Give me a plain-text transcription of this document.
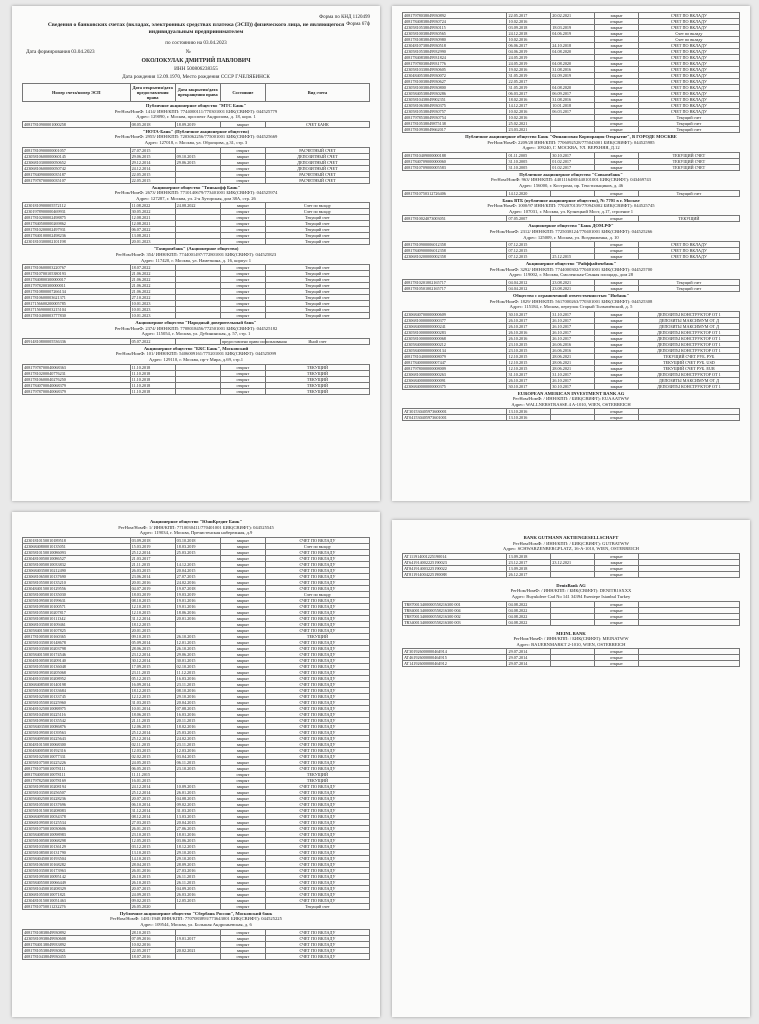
Форма по КНД 1120499
Форма 67ф
Сведения о банковских счетах (вкладах, электронных средствах платежа (ЭСП)) физического лица, не являющегося индивидуальным предпринимателем
по состоянию на 03.04.2023
Дата формирования 03.04.2023	№
ОКОЛОКУЛАК ДМИТРИЙ ПАВЛОВИЧ
ИНН 500806238355
Дата рождения 12.09.1970, Место рождения СССР Г.ЧЕЛЯБИНСК
Номер счета/номер ЭСП	Дата открытия/дата предоставления права	Дата закрытия/дата прекращения права	Состояние	Вид счета
Публичное акционерное общество "МТС Банк"
РегНом/НомФ: 1414/ ИНН/КПП: 7744000111/770301001 БИК(СВИФТ): 044525779
Адрес: 129090, г. Москва, проспект Андропова, д. 18, корп. 1
40817810900001000258	08.05.2018	18.09.2019	закрыт	СЧЕТ БАНК
"НОТА-Банк" (Публичное акционерное общество)
РегНом/НомФ: 2955/ ИНН/КПП: 7203062256/775001001 БИК(СВИФТ): 044525669
Адрес: 127018, г. Москва, ул. Образцова, д.31, стр. 3
40817810900000001057	27.07.2015		открыт	РАСЧЕТНЫЙ СЧЕТ
42305810600000060145	29.06.2015	09.10.2015	закрыт	ДЕПОЗИТНЫЙ СЧЕТ
42306810300000050652	29.12.2014	29.06.2015	закрыт	ДЕПОЗИТНЫЙ СЧЕТ
42306810600000050742	24.12.2014		открыт	ДЕПОЗИТНЫЙ СЧЕТ
40817840900000035187	22.05.2015		открыт	РАСЧЕТНЫЙ СЧЕТ
40817978700000035107	22.05.2015		открыт	РАСЧЕТНЫЙ СЧЕТ
Акционерное общество "Тинькофф Банк"
РегНом/НомФ: 2673/ ИНН/КПП: 7710140679/773401001 БИК(СВИФТ): 044525974
Адрес: 127287, г. Москва, ул. 2-я Хуторская, дом 38А, стр. 26
42301810900005572112	11.08.2022	24.08.2022	закрыт	Счет по вкладу
42301978900000469931	30.05.2022		открыт	Счет по вкладу
40817810200002498875	12.08.2021		открыт	Текущий счет
40817840500000269862	12.08.2021		открыт	Текущий счет
40817810200002497931	06.07.2022		открыт	Текущий счет
40817840100002498236	13.08.2021		открыт	Текущий счет
42301810300002101198	20.01.2023		открыт	Текущий счет
"Газпромбанк" (Акционерное общество)
РегНом/НомФ: 354/ ИНН/КПП: 7744001497/772801001 БИК(СВИФТ): 044525823
Адрес: 117420, г. Москва, ул. Наметкина, д. 16, корпус 1
40817810600003220767	18.07.2022		открыт	Текущий счет
40817810700105380193	21.06.2022		открыт	Текущий счет
40817840800300000017	21.06.2022		открыт	Текущий счет
40817978200300000011	21.06.2022		открыт	Текущий счет
40817810800007266134	21.06.2022		открыт	Текущий счет
40817810600003621371	27.10.2022		открыт	Текущий счет
40817156600200005785	10.01.2023		открыт	Текущий счет
40817156900003215104	10.01.2023		открыт	Текущий счет
40817810400003777830	10.01.2023		открыт	Текущий счет
Акционерное общество "Народный доверительный банк"
РегНом/НомФ: 2374/ ИНН/КПП: 7708018456/772501001 БИК(СВИФТ): 044525182
Адрес: 115054, г. Москва, ул. Дубининская, д. 57, стр. 1
40914810800005536336	05.07.2022		предоставлено право использования	Иной счет
Акционерное общество "БКС Банк", Московский
РегНом/НомФ: 101/ ИНН/КПП: 5406009161/775201001 БИК(СВИФТ): 044525099
Адрес: 129110, г. Москва, пр-т Мира, д.69, стр.1
40817978700040068363	11.10.2018		открыт	ТЕКУЩИЙ
40817810200040776231	11.10.2018		открыт	ТЕКУЩИЙ
40817810600040276250	11.10.2018		открыт	ТЕКУЩИЙ
40817840700040068379	11.10.2018		открыт	ТЕКУЩИЙ
40817978700040068379	11.10.2018		открыт	ТЕКУЩИЙ
40817978038049930892	22.05.2017	20.02.2021	закрыт	СЧЕТ ПО ВКЛАДУ
40817840838049930724	10.02.2016		открыт	СЧЕТ ПО ВКЛАДУ
42305810538049930115	03.09.2018	18.03.2019	закрыт	СЧЕТ ПО ВКЛАДУ
42305810038049930565	24.12.2018	04.06.2019	закрыт	Счет по вкладу
40817810838049930980	10.02.2016		открыт	Счет по вкладу
42304810738049930518	06.06.2017	24.10.2018	закрыт	СЧЕТ ПО ВКЛАДУ
42305810538049932990	04.06.2019	04.08.2020	закрыт	СЧЕТ ПО ВКЛАДУ
40817840838049931824	24.05.2019		открыт	СЧЕТ ПО ВКЛАДУ
40817978038049931776	24.05.2019	04.08.2020	закрыт	СЧЕТ ПО ВКЛАДУ
42305810338049930605	19.02.2016	31.08.2016	закрыт	СЧЕТ ПО ВКЛАДУ
42304840538049930072	31.05.2019	02.09.2019	закрыт	СЧЕТ ПО ВКЛАДУ
40817810038049930627	22.05.2017		открыт	СЧЕТ ПО ВКЛАДУ
42305810038049930800	31.05.2019	04.08.2020	закрыт	СЧЕТ ПО ВКЛАДУ
42305840538049930286	06.03.2017	06.09.2017	закрыт	СЧЕТ ПО ВКЛАДУ
42305810438049902351	18.02.2016	31.08.2016	закрыт	СЧЕТ ПО ВКЛАДУ
42305810638049930375	14.12.2017	10.01.2018	закрыт	СЧЕТ ПО ВКЛАДУ
42305810538049930757	10.02.2016	06.03.2017	закрыт	СЧЕТ ПО ВКЛАДУ
40817978538049930754	10.02.2016		открыт	Текущий счет
40817810538049875138	25.02.2021		открыт	Текущий счет
40817810938049662017	23.03.2021		открыт	Текущий счет
Публичное акционерное общество Банк "Финансовая Корпорация Открытие", В ГОРОДЕ МОСКВЕ
РегНом/НомФ: 2209/28 ИНН/КПП: 7706092528/775043001 БИК(СВИФТ): 044525985
Адрес: 109240, Г. МОСКВА, УЛ. ВЕРХНЯЯ, Д.12
40817810409000000188	01.11.2005	30.10.2017	закрыт	ТЕКУЩИЙ СЧЕТ
40817840709000000060	31.10.2005	01.02.2017	закрыт	ТЕКУЩИЙ СЧЕТ
40817810709000005583	31.10.2005	01.02.2017	закрыт	ТЕКУЩИЙ СЧЕТ
Публичное акционерное общество "Совкомбанк"
РегНом/НомФ: 963/ ИНН/КПП: 4401116480/440101001 БИК(СВИФТ): 043469743
Адрес: 156000, г. Кострома, пр. Текстильщиков, д. 46
40817810750312726406	14.12.2020		открыт	Текущий счет
Банк ВТБ (публичное акционерное общество), № 7701 в г. Москве
РегНом/НомФ: 1000/97 ИНН/КПП: 7702070139/770943002 БИК(СВИФТ): 044525745
Адрес: 107031, г. Москва, ул. Кузнецкий Мост, д.17, строение 1
40817810024073003051	07.05.2007		открыт	ТЕКУЩИЙ
Акционерное общество "Банк ДОМ.РФ"
РегНом/НомФ: 2312/ ИНН/КПП: 7725038124/770401001 БИК(СВИФТ): 044525266
Адрес: 125009, г. Москва, ул. Воздвиженка, д. 10
40817810900006012358	07.12.2015		открыт	СЧЕТ ПО ВКЛАДУ
40817840900006012358	07.12.2015		открыт	СЧЕТ ПО ВКЛАДУ
42306810200000002358	07.12.2015	25.12.2015	закрыт	СЧЕТ ПО ВКЛАДУ
Акционерное общество "Райффайзенбанк"
РегНом/НомФ: 3292/ ИНН/КПП: 7744000302/770401001 БИК(СВИФТ): 044525700
Адрес: 119002, г. Москва, Смоленская-Сенная площадь, дом 28
40817810201002165717	04.04.2012	23.08.2021	закрыт	Текущий счет
40817810501002165717	04.04.2012	23.08.2021	закрыт	Текущий счет
Общество с ограниченной ответственностью "Инбанк"
РегНом/НомФ: 1829/ ИНН/КПП: 5617000263/770301001 БИК(СВИФТ): 044525308
Адрес: 115184, г. Москва, переулок Старый Толмачёвский, д. 5
42306840700000000609	30.10.2017	31.10.2017	закрыт	ДЕПОЗИТЫ КОНСТРУКТОР ОТ 1
42306810000000000377	26.10.2017	26.10.2017	закрыт	ДЕПОЗИТЫ МАКСИМУМ ОТ Д
42306840000000000241	26.10.2017	26.10.2017	закрыт	ДЕПОЗИТЫ МАКСИМУМ ОТ Д
42305810000000000283	26.10.2016	26.10.2017	закрыт	ДЕПОЗИТЫ КОНСТРУКТОР ОТ 1
42305810000000000068	26.10.2016	26.10.2017	закрыт	ДЕПОЗИТЫ КОНСТРУКТОР ОТ 1
42305840000000000212	23.10.2015	26.06.2016	закрыт	ДЕПОЗИТЫ КОНСТРУКТОР ОТ 1
42305840000000000134	23.10.2015	26.06.2016	закрыт	ДЕПОЗИТЫ КОНСТРУКТОР ОТ 1
40817810400000008079	12.10.2015	28.06.2021	закрыт	ТЕКУЩИЙ СЧЕТ РУБ. РУБ
40817840000000007447	12.10.2015	28.06.2021	закрыт	ТЕКУЩИЙ СЧЕТ РУБ. USD
40817978000000008009	12.10.2015	28.06.2021	закрыт	ТЕКУЩИЙ СЧЕТ РУБ. EUR
42306810000000000263	31.10.2017	31.10.2017	закрыт	ДЕПОЗИТЫ КОНСТРУКТОР ОТ 1
42306840000000000091	26.10.2017	26.10.2017	закрыт	ДЕПОЗИТЫ МАКСИМУМ ОТ Д
42306840000000000375	30.10.2017	30.10.2017	закрыт	ДЕПОЗИТЫ КОНСТРУКТОР ОТ 1
EUROPEAN AMERICAN INVESTMENT BANK AG
РегНом/НомФ: / ИНН/КПП: / БИК(СВИФТ): EUAAATWW
Адрес: WALLNERSTRASSE 4 A-1010, WIEN, OSTERREICH
AT301530405973600001	13.10.2016		открыт	
AT041530405973601001	13.10.2016		открыт	
Акционерное общество "ЮниКредит Банк"
РегНом/НомФ: 1/ ИНН/КПП: 7710030411/770401001 БИК(СВИФТ): 044525545
Адрес: 119034, г. Москва, Пречистенская набережная, д.9
42301810150010189518	03.09.2018	03.10.2018	закрыт	СЧЕТ ПО ВКЛАДУ
42306840800010135051	15.03.2019	18.03.2019	закрыт	Счет по вкладу
42305810150010086093	25.12.2014	25.03.2015	закрыт	СЧЕТ ПО ВКЛАДУ
42304810050010086527	21.03.2017		закрыт	СЧЕТ ПО ВКЛАДУ
42305810050010033832	21.11.2015	14.12.2015	закрыт	СЧЕТ ПО ВКЛАДУ
42306840350010212490	26.03.2015	20.04.2015	закрыт	СЧЕТ ПО ВКЛАДУ
42306810650010137690	23.06.2014	27.07.2015	закрыт	СЧЕТ ПО ВКЛАДУ
42305810550010135210	20.01.2016	24.02.2016	закрыт	СЧЕТ ПО ВКЛАДУ
42304840150010129556	04.07.2019	19.07.2018	закрыт	СЧЕТ ПО ВКЛАДУ
42305810050010135030	18.03.2019	19.03.2019	закрыт	Счет по вкладу
42305810950010199631	08.10.2015	19.01.2016	закрыт	СЧЕТ ПО ВКЛАДУ
42305810950010100571	12.10.2015	19.01.2016	закрыт	СЧЕТ ПО ВКЛАДУ
42305810550010207817	12.10.2015	18.06.2016	закрыт	СЧЕТ ПО ВКЛАДУ
42305810850010111342	31.12.2014	20.01.2016	закрыт	СЧЕТ ПО ВКЛАДУ
42306810350010109461	18.12.2015		закрыт	СЧЕТ ПО ВКЛАДУ
42305840150010107825	20.01.2015		закрыт	СЧЕТ ПО ВКЛАДУ
40817810050010160365	09.10.2015	26.10.2015	закрыт	ТЕКУЩИЙ
42305810350010148678	05.09.2014	12.01.2015	закрыт	СЧЕТ ПО ВКЛАДУ
42305810350010203798	28.06.2015	26.10.2015	закрыт	СЧЕТ ПО ВКЛАДУ
42305840150010174546	23.12.2014	29.06.2015	закрыт	СЧЕТ ПО ВКЛАДУ
42304810050010209140	30.12.2014	30.01.2015	закрыт	СЧЕТ ПО ВКЛАДУ
42305810550010136048	17.09.2015	02.10.2015	закрыт	СЧЕТ ПО ВКЛАДУ
42305810950010205068	23.11.2015	11.12.2015	закрыт	СЧЕТ ПО ВКЛАДУ
42304810350010208952	05.12.2015	16.03.2016	закрыт	СЧЕТ ПО ВКЛАДУ
42306840850010140198	16.09.2014	23.11.2015	закрыт	СЧЕТ ПО ВКЛАДУ
42305810350010133684	18.12.2015	08.10.2016	закрыт	СЧЕТ ПО ВКЛАДУ
42305810250010133745	12.12.2015	29.10.2016	закрыт	СЧЕТ ПО ВКЛАДУ
42305810550010225960	31.03.2015	20.04.2015	закрыт	СЧЕТ ПО ВКЛАДУ
42304810250010088975	10.01.2014	07.08.2015	закрыт	СЧЕТ ПО ВКЛАДУ
42305810450010225116	18.06.2015	16.03.2016	закрыт	СЧЕТ ПО ВКЛАДУ
42305810950010135542	21.11.2015	20.11.2015	закрыт	СЧЕТ ПО ВКЛАДУ
42305840350010086876	12.06.2015	18.02.2016	закрыт	СЧЕТ ПО ВКЛАДУ
42305810950010139563	25.12.2014	25.03.2015	закрыт	СЧЕТ ПО ВКЛАДУ
42305840950010225643	25.12.2014	24.02.2015	закрыт	СЧЕТ ПО ВКЛАДУ
42304810150010068300	02.11.2015	23.11.2015	закрыт	СЧЕТ ПО ВКЛАДУ
42304840050010192316	12.03.2015	12.03.2016	закрыт	СЧЕТ ПО ВКЛАДУ
42305810250010077331	02.02.2015	03.04.2015	закрыт	СЧЕТ ПО ВКЛАДУ
42305810750010225226	24.05.2015	06.11.2015	закрыт	СЧЕТ ПО ВКЛАДУ
40817810750010078111	06.05.2015	23.10.2015	закрыт	СЧЕТ ПО ВКЛАДУ
40817840050010078111	11.11.2015		открыт	ТЕКУЩИЙ
40817978250010078169	16.01.2015		открыт	ТЕКУЩИЙ
42305810950010208194	24.12.2014	10.09.2015	закрыт	СЧЕТ ПО ВКЛАДУ
42305810350010256507	25.12.2014	26.01.2015	закрыт	СЧЕТ ПО ВКЛАДУ
42305840250010228236	20.07.2015	04.08.2015	закрыт	СЧЕТ ПО ВКЛАДУ
42305810550010137696	06.10.2014	09.02.2015	закрыт	СЧЕТ ПО ВКЛАДУ
42305810150010208083	31.12.2014	31.03.2015	закрыт	СЧЕТ ПО ВКЛАДУ
42306840950010034378	08.12.2014	13.03.2015	закрыт	СЧЕТ ПО ВКЛАДУ
42306810950010125534	27.03.2015	20.04.2015	закрыт	СЧЕТ ПО ВКЛАДУ
42305810750010030606	26.01.2015	27.06.2015	закрыт	СЧЕТ ПО ВКЛАДУ
42305840850010098983	23.10.2015	18.01.2016	закрыт	СЧЕТ ПО ВКЛАДУ
42305810050010068298	12.05.2015	03.06.2015	закрыт	СЧЕТ ПО ВКЛАДУ
42305810350010136129	03.12.2015	18.12.2015	закрыт	СЧЕТ ПО ВКЛАДУ
42305810850010131790	13.10.2015	29.10.2015	закрыт	СЧЕТ ПО ВКЛАДУ
42305840450010193504	14.10.2015	29.10.2015	закрыт	СЧЕТ ПО ВКЛАДУ
42305810650010168282	28.04.2015	28.09.2015	закрыт	СЧЕТ ПО ВКЛАДУ
42305810350010173963	26.01.2016	27.03.2016	закрыт	СЧЕТ ПО ВКЛАДУ
42305810950010095142	26.10.2015	26.11.2015	закрыт	СЧЕТ ПО ВКЛАДУ
42305840550010066449	26.10.2015	26.11.2015	закрыт	СЧЕТ ПО ВКЛАДУ
42305810450010208329	20.07.2015	04.09.2015	закрыт	СЧЕТ ПО ВКЛАДУ
42306810550010071821	24.09.2015	26.03.2016	закрыт	СЧЕТ ПО ВКЛАДУ
42304810150010051463	09.02.2015	12.05.2015	закрыт	СЧЕТ ПО ВКЛАДУ
40817810750011232276	26.05.2020		открыт	Текущий счет
Публичное акционерное общество "Сбербанк России", Московский банк
РегНом/НомФ: 1481/1948 ИНН/КПП: 7707083893/773643001 БИК(СВИФТ): 044525225
Адрес: 109544, Москва, ул. Большая Андроньевская, д. 6
40817810838049930892	28.10.2015		открыт	СЧЕТ ПО ВКЛАДУ
42305810938049930608	07.09.2016	19.01.2017	закрыт	СЧЕТ ПО ВКЛАДУ
40817840138049933892	10.02.2016		открыт	СЧЕТ ПО ВКЛАДУ
40817810538049930821	22.05.2017	20.02.2021	закрыт	СЧЕТ ПО ВКЛАДУ
40817810438049930455	18.07.2016		открыт	СЧЕТ ПО ВКЛАДУ
BANK GUTMANN AKTIENGESELLSCHAFT
РегНом/НомФ: / ИНН/КПП: / БИК(СВИФТ): GUTBATWW
Адрес: SCHWARZENBERGPLATZ, 16-A-1010, WIEN, OSTERREICH
AT111914001225190014	13.09.2018		открыт	
AT641914002225190023	23.12.2017	23.12.2021	закрыт	
AT841914003225190022	13.09.2018		открыт	
AT811914004225190088	26.12.2017		открыт	
DenizBank AG
РегНом/НомФ: / ИНН/КПП: / БИК(СВИФТ): DENITR1SXXX
Адрес: Buyukdere Cad No 141 34394 Esentepe Istanbul Turkey
TR870013400000558216300 001	04.08.2022		открыт	
TR840013400000558216300 004	04.08.2022		открыт	
TR870013400000558216300 002	04.08.2022		открыт	
TR340013400000558216300 003	04.08.2022		открыт	
MEINL BANK
РегНом/НомФ: / ИНН/КПП: / БИК(СВИФТ): MEINATWW
Адрес: BAUERNMARKT 2-1010, WIEN, OSTERREICH
AT301926000000464914	29.07.2014		открыт	
AT461926000000464915	29.07.2014		открыт	
AT141926000000464912	29.07.2014		открыт	
